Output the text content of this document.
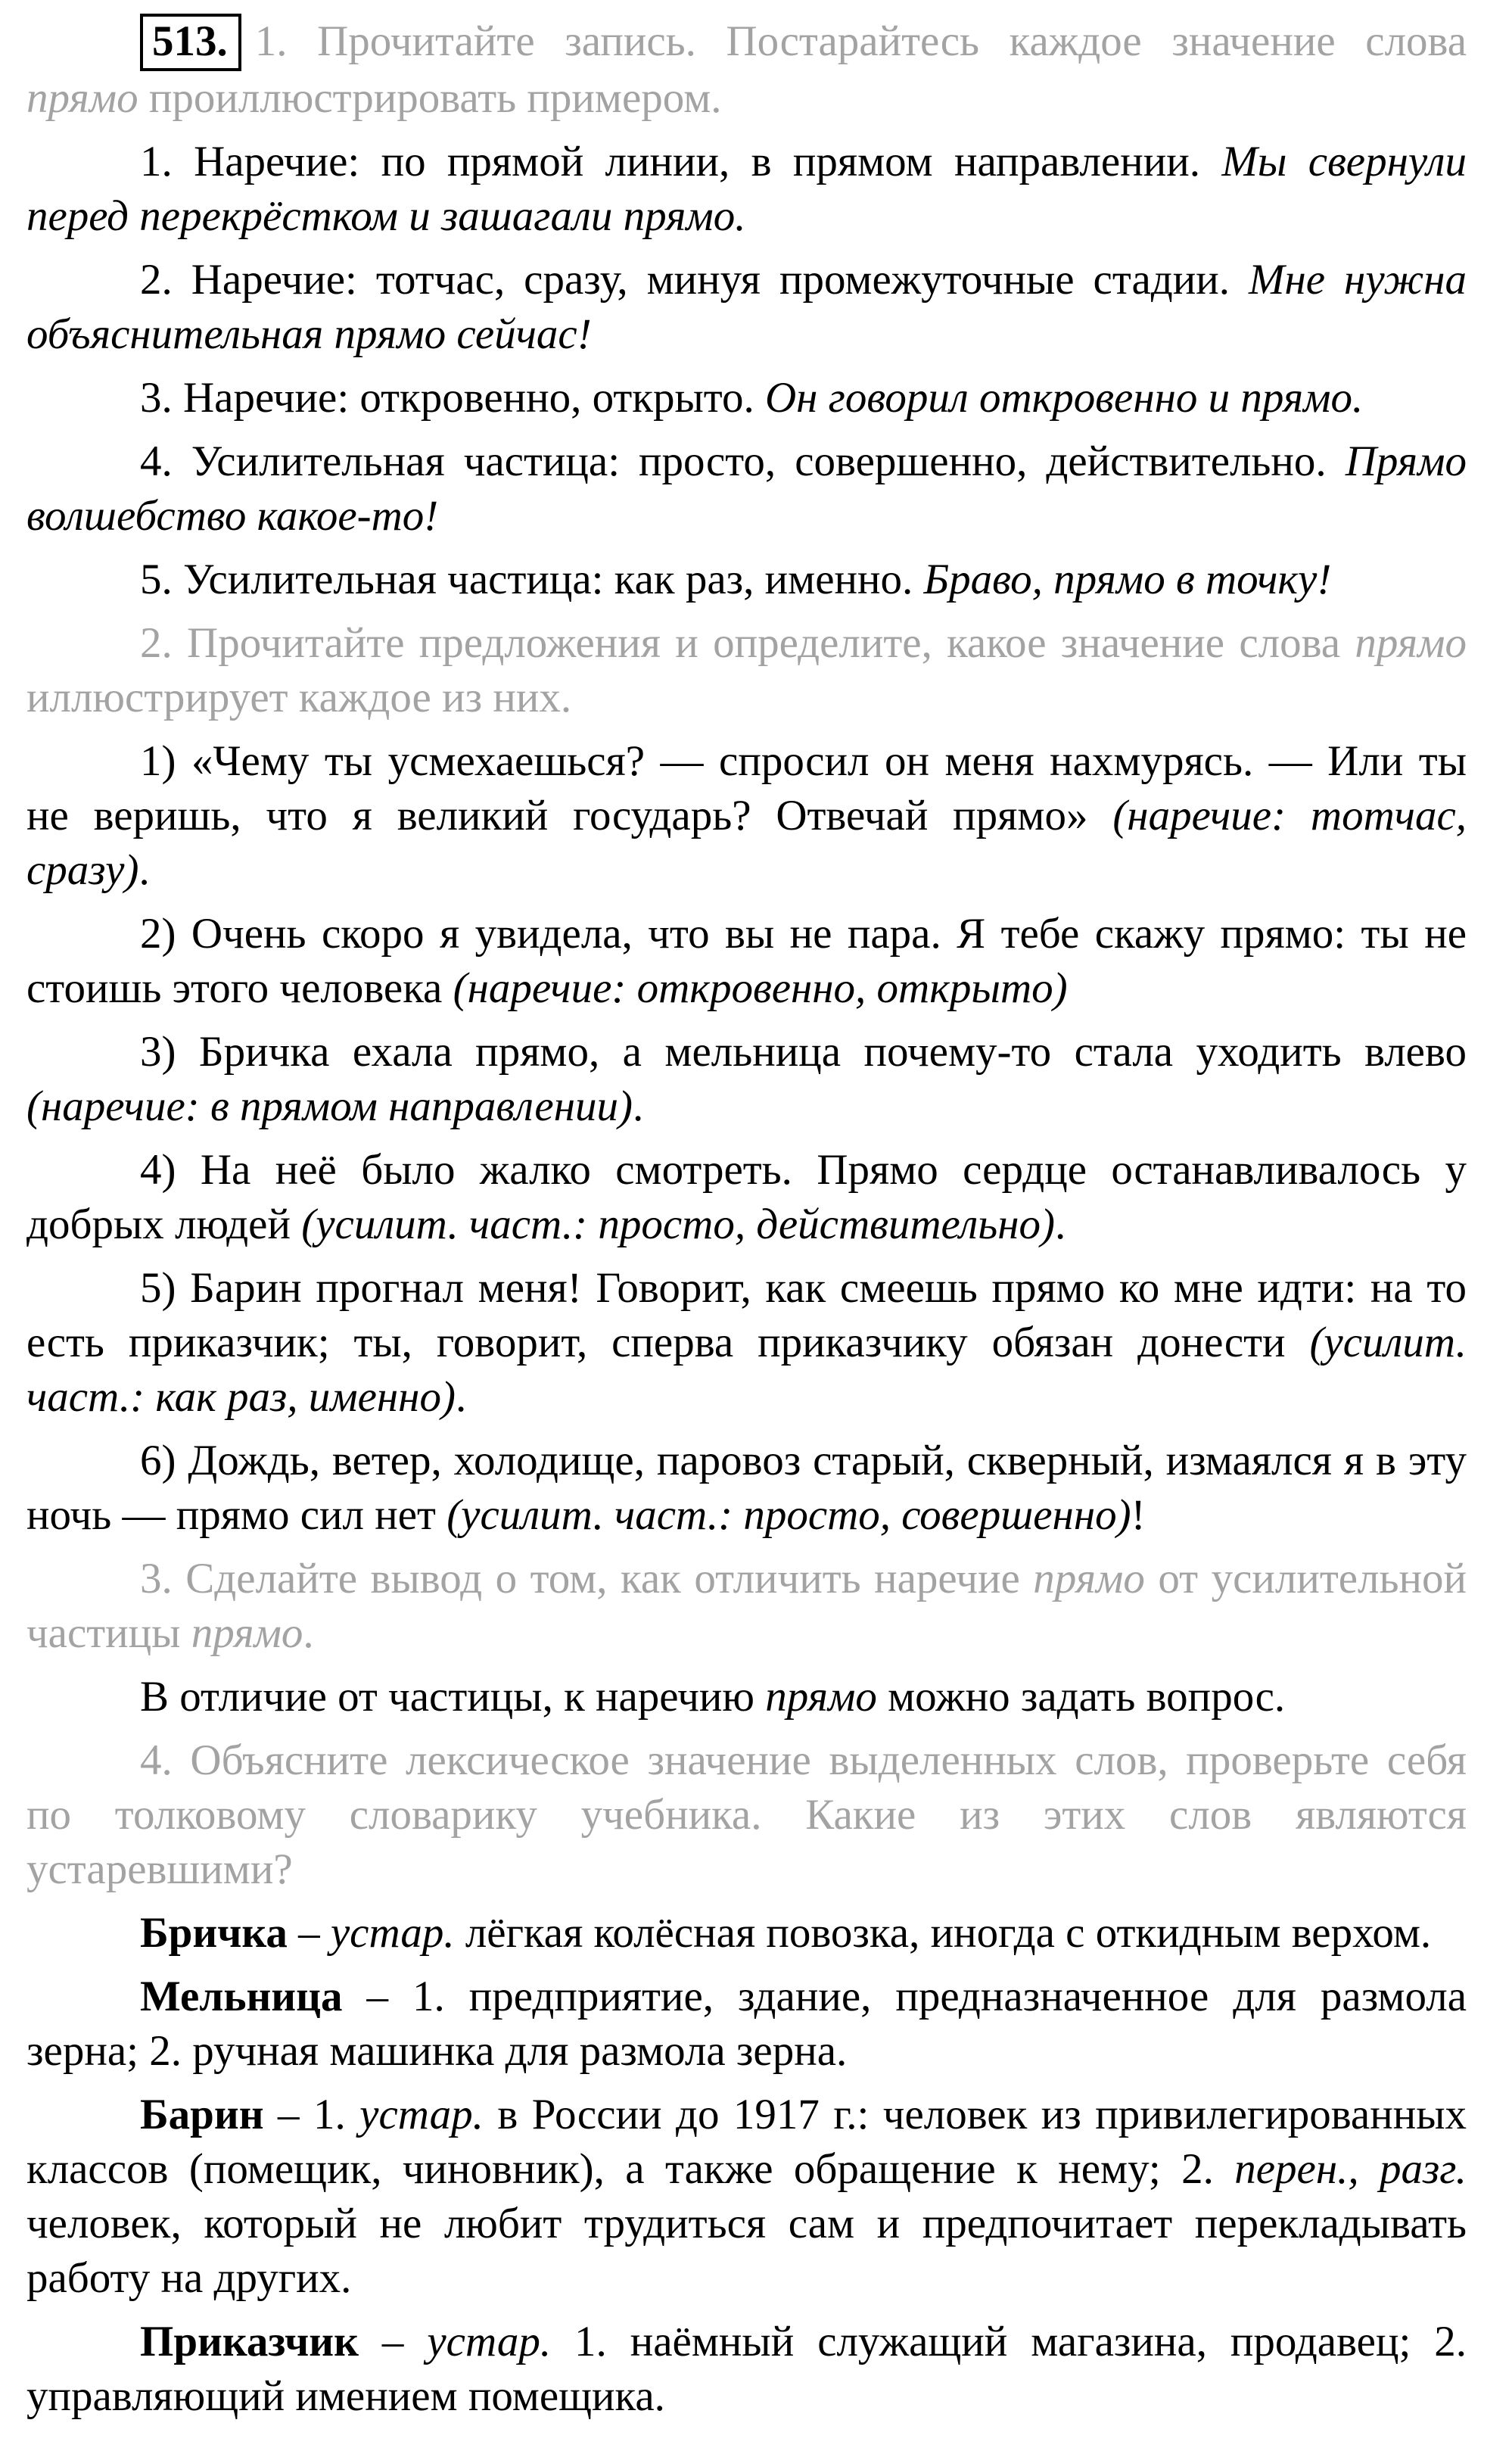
513. 1. Прочитайте запись. Постарайтесь каждое значение слова прямо проиллюстрировать примером.

1. Наречие: по прямой линии, в прямом направлении. Мы свернули перед перекрёстком и зашагали прямо.

2. Наречие: тотчас, сразу, минуя промежуточные стадии. Мне нужна объяснительная прямо сейчас!

3. Наречие: откровенно, открыто. Он говорил откровенно и прямо.

4. Усилительная частица: просто, совершенно, действительно. Прямо волшебство какое-то!

5. Усилительная частица: как раз, именно. Браво, прямо в точку!

2. Прочитайте предложения и определите, какое значение слова прямо иллюстрирует каждое из них.

1) «Чему ты усмехаешься? — спросил он меня нахмурясь. — Или ты не веришь, что я великий государь? Отвечай прямо» (наречие: тотчас, сразу).

2) Очень скоро я увидела, что вы не пара. Я тебе скажу прямо: ты не стоишь этого человека (наречие: откровенно, открыто)

3) Бричка ехала прямо, а мельница почему-то стала уходить влево (наречие: в прямом направлении).

4) На неё было жалко смотреть. Прямо сердце останавливалось у добрых людей (усилит. част.: просто, действительно).

5) Барин прогнал меня! Говорит, как смеешь прямо ко мне идти: на то есть приказчик; ты, говорит, сперва приказчику обязан донести (усилит. част.: как раз, именно).

6) Дождь, ветер, холодище, паровоз старый, скверный, измаялся я в эту ночь — прямо сил нет (усилит. част.: просто, совершенно)!

3. Сделайте вывод о том, как отличить наречие прямо от усилительной частицы прямо.

В отличие от частицы, к наречию прямо можно задать вопрос.

4. Объясните лексическое значение выделенных слов, проверьте себя по толковому словарику учебника. Какие из этих слов являются устаревшими?

Бричка – устар. лёгкая колёсная повозка, иногда с откидным верхом.

Мельница – 1. предприятие, здание, предназначенное для размола зерна; 2. ручная машинка для размола зерна.

Барин – 1. устар. в России до 1917 г.: человек из привилегированных классов (помещик, чиновник), а также обращение к нему; 2. перен., разг. человек, который не любит трудиться сам и предпочитает перекладывать работу на других.

Приказчик – устар. 1. наёмный служащий магазина, продавец; 2. управляющий имением помещика.
